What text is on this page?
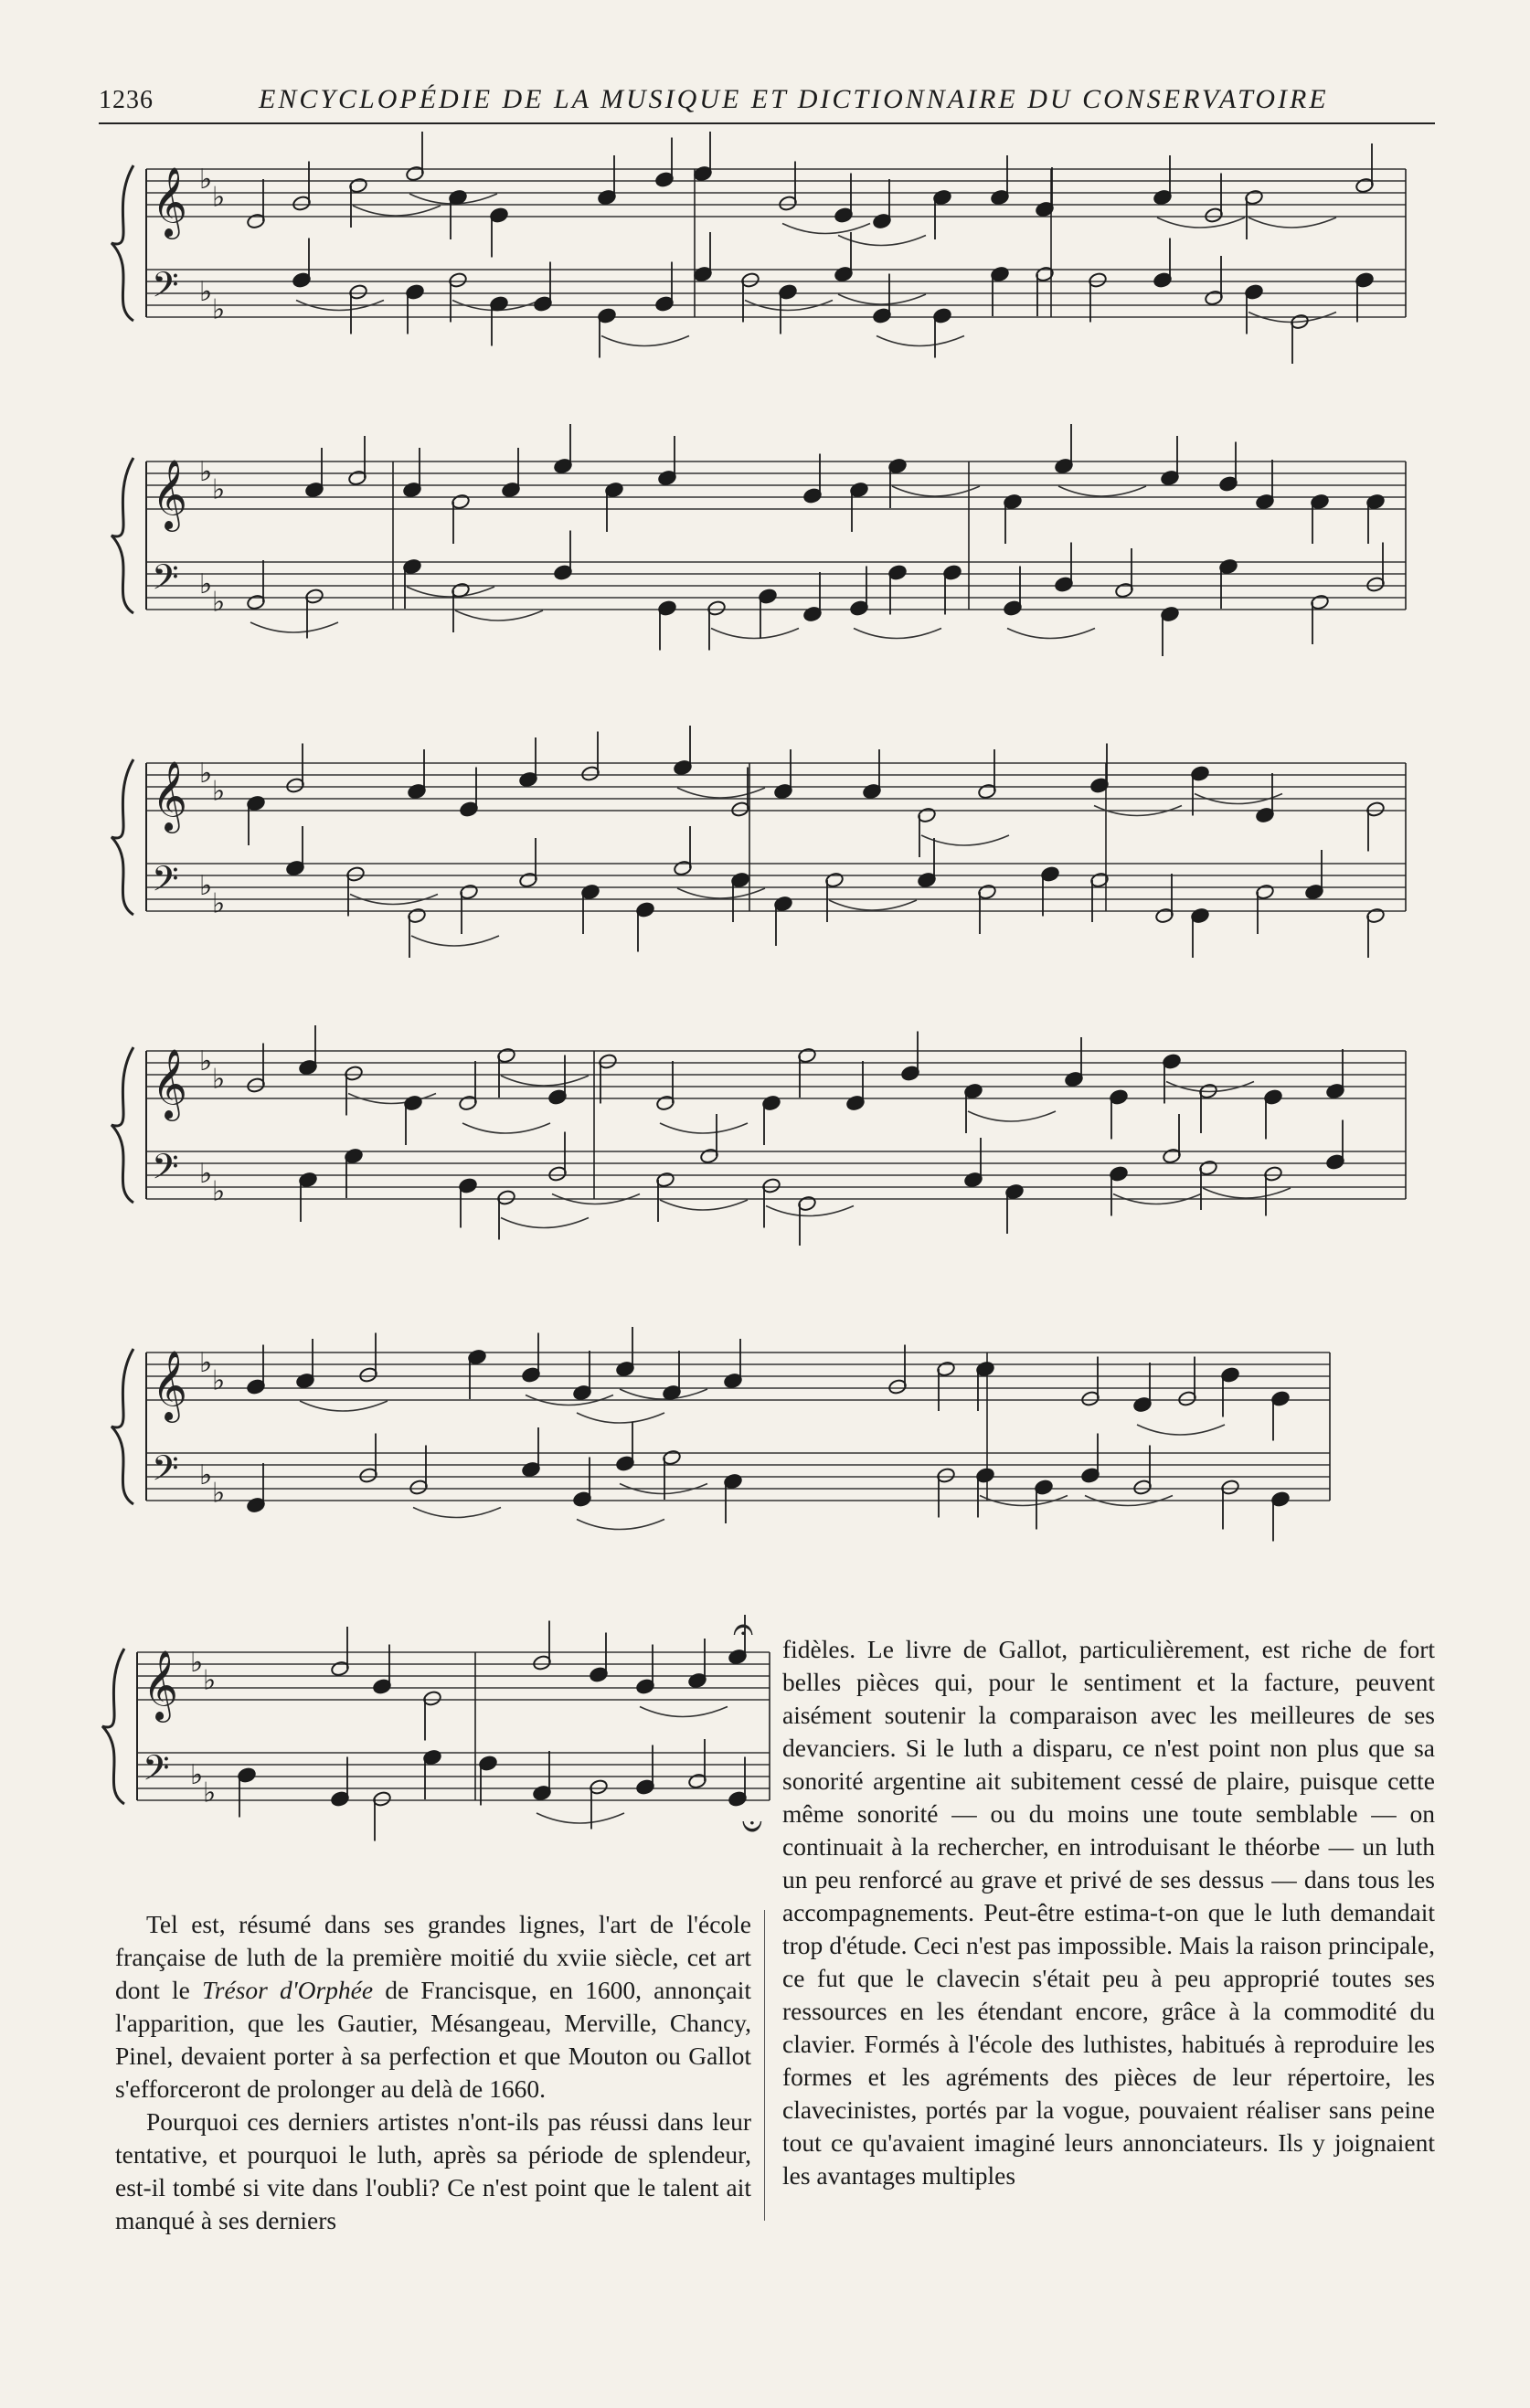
1236	ENCYCLOPÉDIE DE LA MUSIQUE ET DICTIONNAIRE DU CONSERVATOIRE
𝄞 ♭
♭
𝄢 ♭
♭
𝄞 ♭
♭
𝄢 ♭
♭
𝄞 ♭
♭
𝄢 ♭
♭
𝄞 ♭
♭
𝄢 ♭
♭
𝄞 ♭
♭
𝄢 ♭
♭
𝄞 ♭
♭
𝄢 ♭
♭
𝄐
𝄐

Tel est, résumé dans ses grandes lignes, l'art de l'école française de luth de la première moitié du xviie siècle, cet art dont le Trésor d'Orphée de Francisque, en 1600, annonçait l'apparition, que les Gautier, Mésangeau, Merville, Chancy, Pinel, devaient porter à sa perfection et que Mouton ou Gallot s'efforceront de prolonger au delà de 1660.

Pourquoi ces derniers artistes n'ont-ils pas réussi dans leur tentative, et pourquoi le luth, après sa période de splendeur, est-il tombé si vite dans l'oubli? Ce n'est point que le talent ait manqué à ses derniers

fidèles. Le livre de Gallot, particulièrement, est riche de fort belles pièces qui, pour le sentiment et la facture, peuvent aisément soutenir la comparaison avec les meilleures de ses devanciers. Si le luth a disparu, ce n'est point non plus que sa sonorité argentine ait subitement cessé de plaire, puisque cette même sonorité — ou du moins une toute semblable — on continuait à la rechercher, en introduisant le théorbe — un luth un peu renforcé au grave et privé de ses dessus — dans tous les accompagnements. Peut-être estima-t-on que le luth demandait trop d'étude. Ceci n'est pas impossible. Mais la raison principale, ce fut que le clavecin s'était peu à peu approprié toutes ses ressources en les étendant encore, grâce à la commodité du clavier. Formés à l'école des luthistes, habitués à reproduire les formes et les agréments des pièces de leur répertoire, les clavecinistes, portés par la vogue, pouvaient réaliser sans peine tout ce qu'avaient imaginé leurs annonciateurs. Ils y joignaient les avantages multiples
